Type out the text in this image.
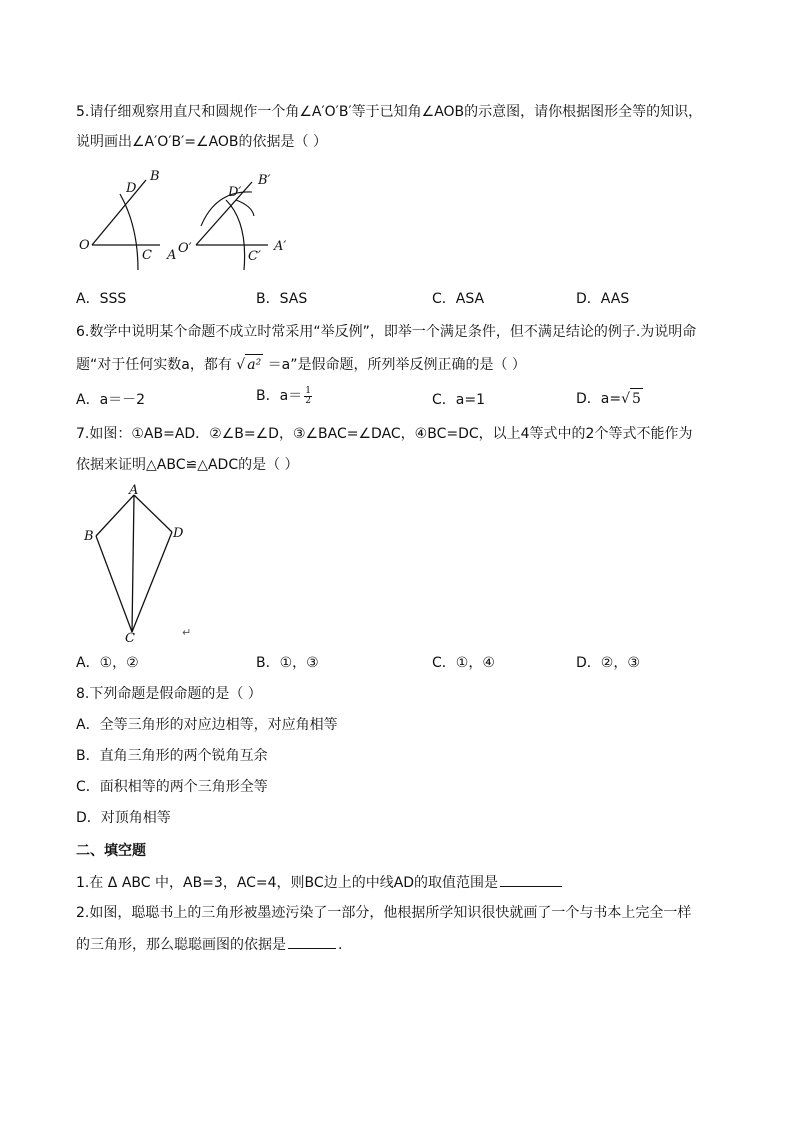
5.请仔细观察用直尺和圆规作一个角∠A′O′B′等于已知角∠AOB的示意图，请你根据图形全等的知识，
说明画出∠A′O′B′=∠AOB的依据是（ ）
O
D
B
C A O′
D′
B′
C′
A′
A．SSS	B．SAS	C．ASA	D．AAS
6.数学中说明某个命题不成立时常采用“举反例”，即举一个满足条件，但不满足结论的例子.为说明命
题“对于任何实数a，都有 √ a² ＝a”是假命题，所列举反例正确的是（ ）
A．a＝－2	B．$a= \frac{1}{2}$	C．a=1	D．a= √ 5
7.如图：①AB=AD．②∠B=∠D，③∠BAC=∠DAC，④BC=DC，以上4等式中的2个等式不能作为
依据来证明△ABC≌△ADC的是（ ）
A
B	D
C	↵
A．①，②	B．①，③	C．①，④	D．②，③
8.下列命题是假命题的是（ ）
A．全等三角形的对应边相等，对应角相等
B．直角三角形的两个锐角互余
C．面积相等的两个三角形全等
D．对顶角相等
二、填空题
1.在 Δ ABC 中，AB=3，AC=4，则BC边上的中线AD的取值范围是
2.如图，聪聪书上的三角形被墨迹污染了一部分，他根据所学知识很快就画了一个与书本上完全一样
的三角形，那么聪聪画图的依据是	.
